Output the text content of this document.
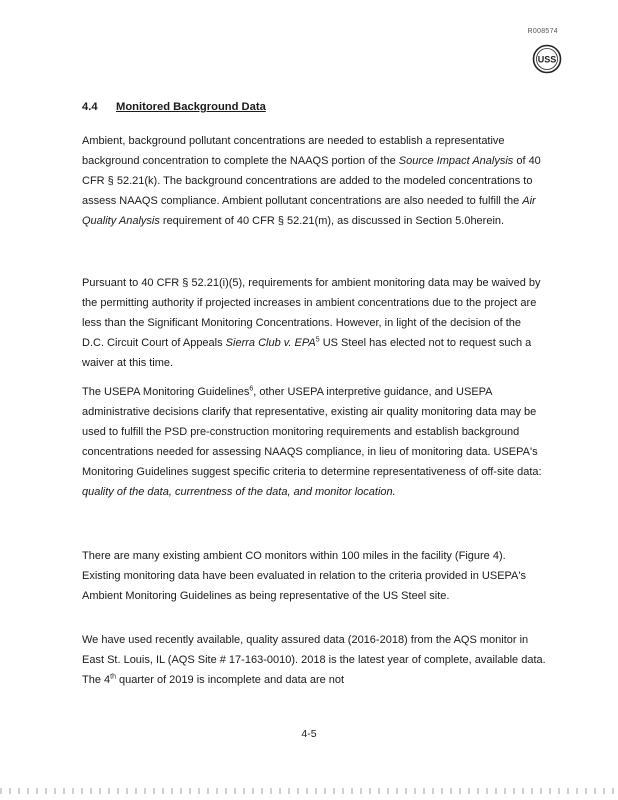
R008574
USS
4.4 Monitored Background Data

Ambient, background pollutant concentrations are needed to establish a representative background concentration to complete the NAAQS portion of the Source Impact Analysis of 40 CFR § 52.21(k). The background concentrations are added to the modeled concentrations to assess NAAQS compliance. Ambient pollutant concentrations are also needed to fulfill the Air Quality Analysis requirement of 40 CFR § 52.21(m), as discussed in Section 5.0herein.

Pursuant to 40 CFR § 52.21(i)(5), requirements for ambient monitoring data may be waived by the permitting authority if projected increases in ambient concentrations due to the project are less than the Significant Monitoring Concentrations. However, in light of the decision of the D.C. Circuit Court of Appeals Sierra Club v. EPA$^5$ US Steel has elected not to request such a waiver at this time.

The USEPA Monitoring Guidelines$^6$, other USEPA interpretive guidance, and USEPA administrative decisions clarify that representative, existing air quality monitoring data may be used to fulfill the PSD pre-construction monitoring requirements and establish background concentrations needed for assessing NAAQS compliance, in lieu of monitoring data. USEPA's Monitoring Guidelines suggest specific criteria to determine representativeness of off-site data: quality of the data, currentness of the data, and monitor location.

There are many existing ambient CO monitors within 100 miles in the facility (Figure 4). Existing monitoring data have been evaluated in relation to the criteria provided in USEPA's Ambient Monitoring Guidelines as being representative of the US Steel site.

We have used recently available, quality assured data (2016-2018) from the AQS monitor in East St. Louis, IL (AQS Site # 17-163-0010). 2018 is the latest year of complete, available data. The 4th quarter of 2019 is incomplete and data are not

4-5
